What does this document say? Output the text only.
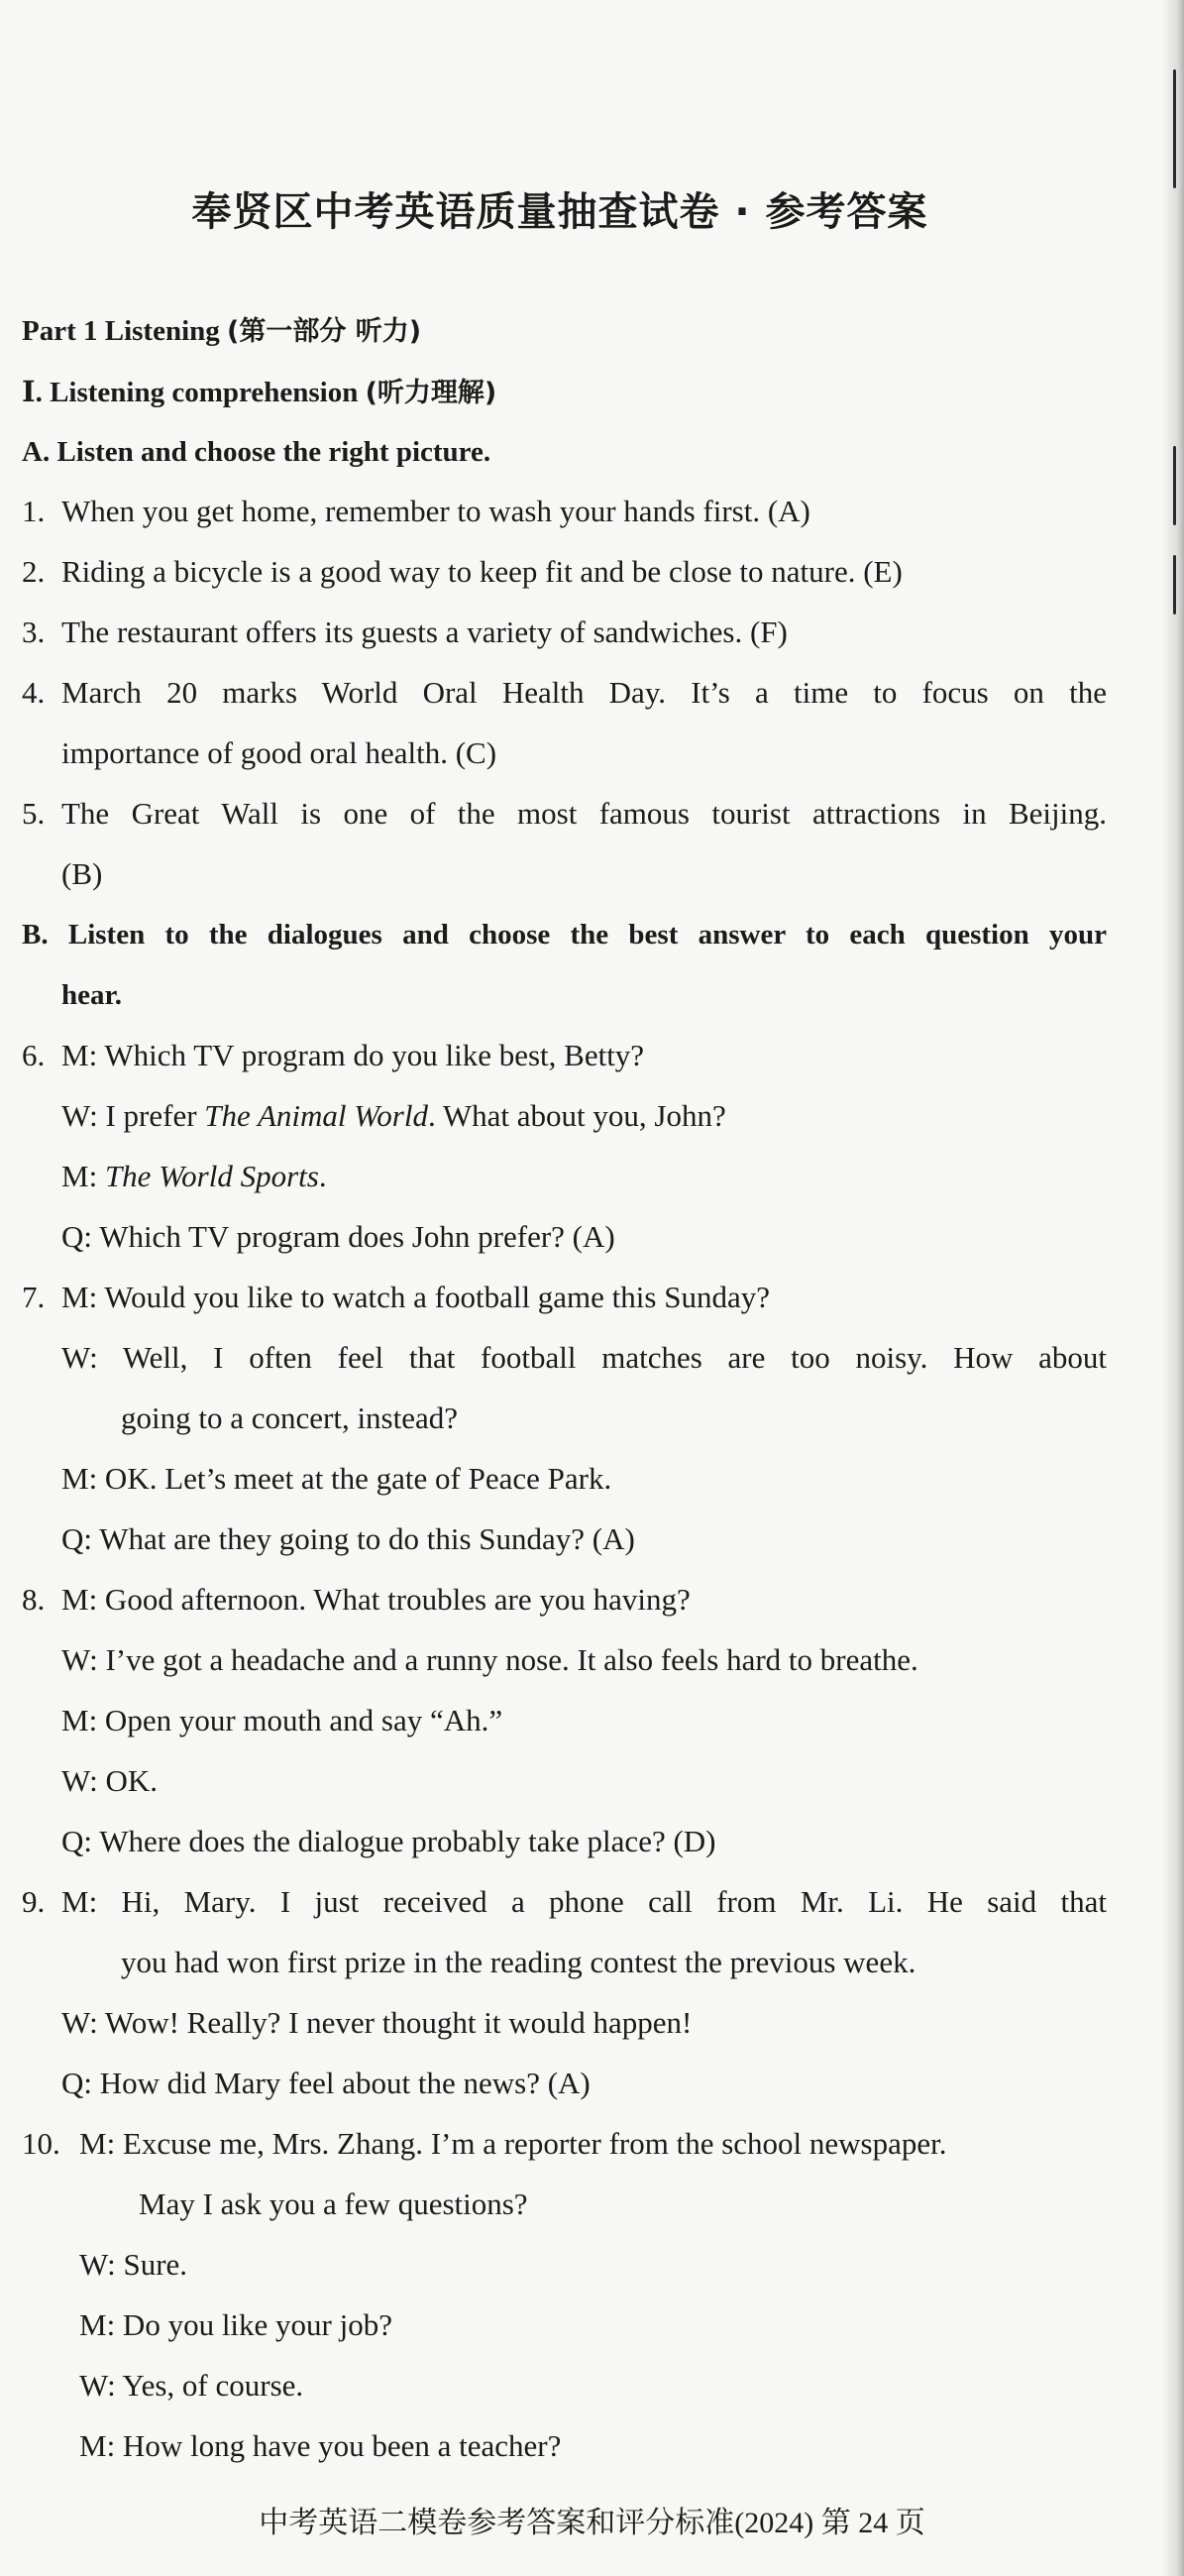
奉贤区中考英语质量抽查试卷 · 参考答案
Part 1 Listening (第一部分 听力)
Ⅰ. Listening comprehension (听力理解)
A. Listen and choose the right picture.
1. When you get home, remember to wash your hands first. (A)
2. Riding a bicycle is a good way to keep fit and be close to nature. (E)
3. The restaurant offers its guests a variety of sandwiches. (F)
4. March 20 marks World Oral Health Day. It’s a time to focus on the
importance of good oral health. (C)
5. The Great Wall is one of the most famous tourist attractions in Beijing.
(B)
B. Listen to the dialogues and choose the best answer to each question your
hear.
6. M: Which TV program do you like best, Betty?
W: I prefer The Animal World. What about you, John?
M: The World Sports.
Q: Which TV program does John prefer? (A)
7. M: Would you like to watch a football game this Sunday?
W: Well, I often feel that football matches are too noisy. How about
going to a concert, instead?
M: OK. Let’s meet at the gate of Peace Park.
Q: What are they going to do this Sunday? (A)
8. M: Good afternoon. What troubles are you having?
W: I’ve got a headache and a runny nose. It also feels hard to breathe.
M: Open your mouth and say “Ah.”
W: OK.
Q: Where does the dialogue probably take place? (D)
9. M: Hi, Mary. I just received a phone call from Mr. Li. He said that
you had won first prize in the reading contest the previous week.
W: Wow! Really? I never thought it would happen!
Q: How did Mary feel about the news? (A)
10. M: Excuse me, Mrs. Zhang. I’m a reporter from the school newspaper.
May I ask you a few questions?
W: Sure.
M: Do you like your job?
W: Yes, of course.
M: How long have you been a teacher?
中考英语二模卷参考答案和评分标准(2024) 第 24 页
